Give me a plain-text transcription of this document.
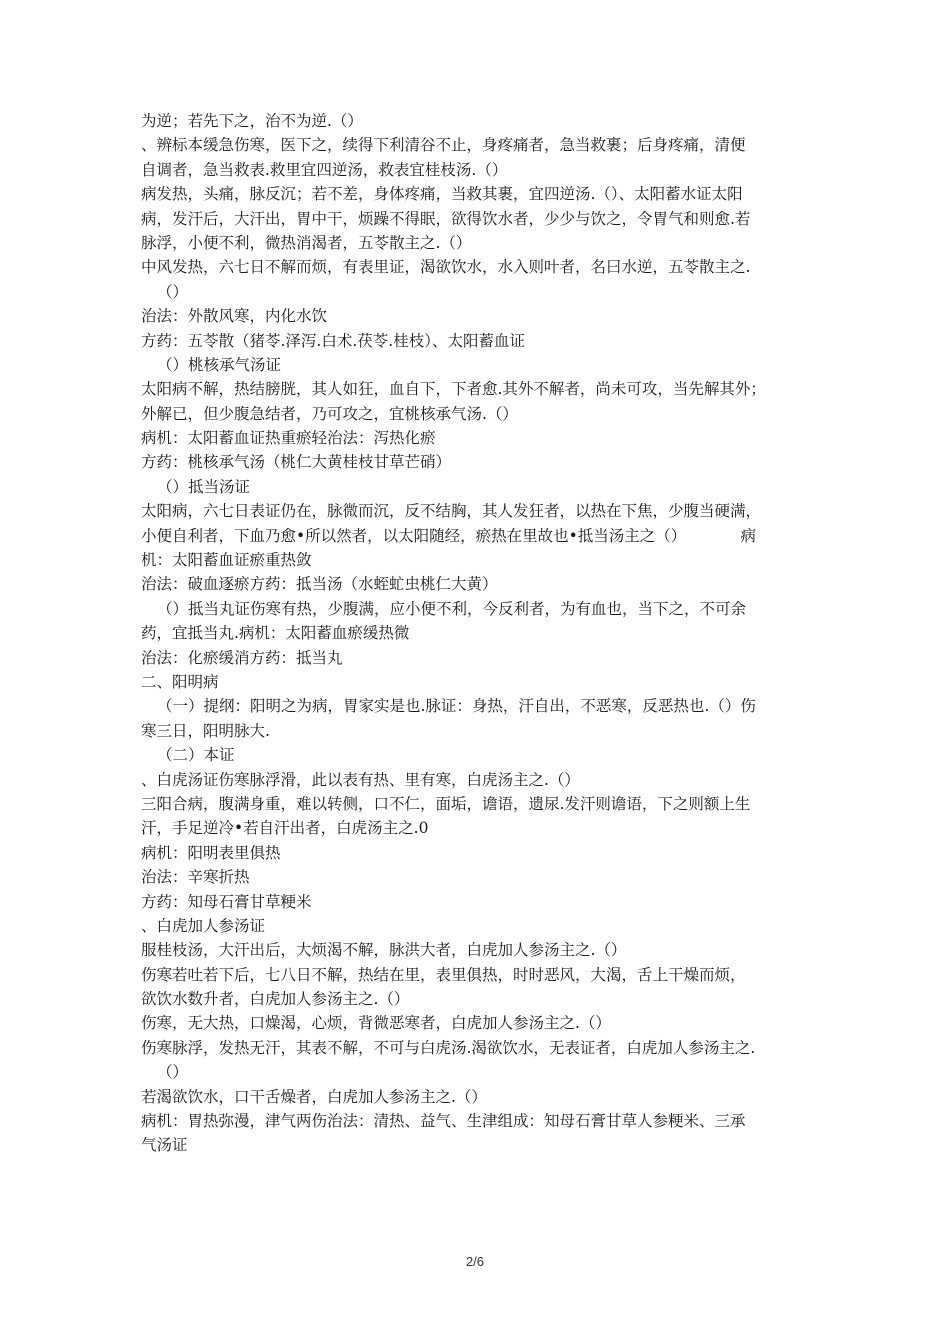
为逆；若先下之，治不为逆.（）
、辨标本缓急伤寒，医下之，续得下利清谷不止，身疼痛者，急当救裹；后身疼痛，清便
自调者，急当救表.救里宜四逆汤，救表宜桂枝汤.（）
病发热，头痛，脉反沉；若不差，身体疼痛，当救其裹，宜四逆汤.（）、太阳蓄水证太阳
病，发汗后，大汗出，胃中干，烦躁不得眠，欲得饮水者，少少与饮之，令胃气和则愈.若
脉浮，小便不利，微热消渴者，五苓散主之.（）
中风发热，六七日不解而烦，有表里证，渴欲饮水，水入则叶者，名曰水逆，五苓散主之.
（）
治法：外散风寒，内化水饮
方药：五苓散（猪苓.泽泻.白术.茯苓.桂枝）、太阳蓄血证
（）桃核承气汤证
太阳病不解，热结膀胱，其人如狂，血自下，下者愈.其外不解者，尚未可攻，当先解其外；
外解已，但少腹急结者，乃可攻之，宜桃核承气汤.（）
病机：太阳蓄血证热重瘀轻治法：泻热化瘀
方药：桃核承气汤（桃仁大黄桂枝甘草芒硝）
（）抵当汤证
太阳病，六七日表证仍在，脉微而沉，反不结胸，其人发狂者，以热在下焦，少腹当硬满，
小便自利者，下血乃愈•所以然者，以太阳随经，瘀热在里故也•抵当汤主之（）　　　　病
机：太阳蓄血证瘀重热敛
治法：破血逐瘀方药：抵当汤（水蛭虻虫桃仁大黄）
（）抵当丸证伤寒有热，少腹满，应小便不利，今反利者，为有血也，当下之，不可余
药，宜抵当丸.病机：太阳蓄血瘀缓热微
治法：化瘀缓消方药：抵当丸
二、阳明病
（一）提纲：阳明之为病，胃家实是也.脉证：身热，汗自出，不恶寒，反恶热也.（）伤
寒三日，阳明脉大.
（二）本证
、白虎汤证伤寒脉浮滑，此以表有热、里有寒，白虎汤主之.（）
三阳合病，腹满身重，难以转侧，口不仁，面垢，谵语，遗尿.发汗则谵语，下之则额上生
汗，手足逆冷•若自汗出者，白虎汤主之.0
病机：阳明表里俱热
治法：辛寒折热
方药：知母石膏甘草粳米
、白虎加人参汤证
服桂枝汤，大汗出后，大烦渴不解，脉洪大者，白虎加人参汤主之.（）
伤寒若吐若下后，七八日不解，热结在里，表里俱热，时时恶风，大渴，舌上干燥而烦，
欲饮水数升者，白虎加人参汤主之.（）
伤寒，无大热，口燥渴，心烦，背微恶寒者，白虎加人参汤主之.（）
伤寒脉浮，发热无汗，其表不解，不可与白虎汤.渴欲饮水，无表证者，白虎加人参汤主之.
（）
若渴欲饮水，口干舌燥者，白虎加人参汤主之.（）
病机：胃热弥漫，津气两伤治法：清热、益气、生津组成：知母石膏甘草人参粳米、三承
气汤证
2/6
